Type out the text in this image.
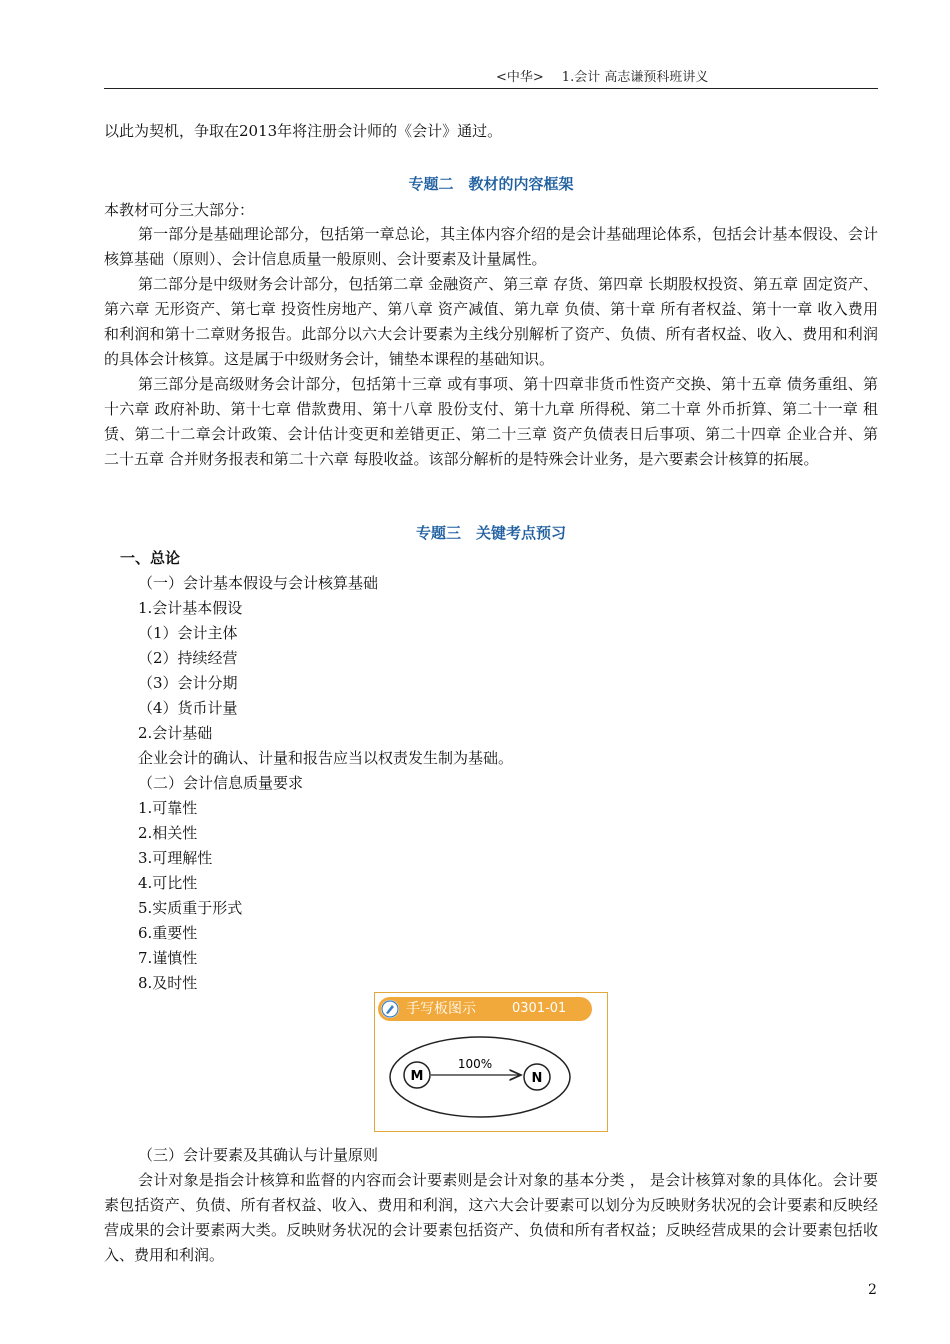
<中华> 1.会计 高志谦预科班讲义
以此为契机，争取在2013年将注册会计师的《会计》通过。
专题二　教材的内容框架
本教材可分三大部分：
第一部分是基础理论部分，包括第一章总论，其主体内容介绍的是会计基础理论体系，包括会计基本假设、会计核算基础（原则）、会计信息质量一般原则、会计要素及计量属性。
第二部分是中级财务会计部分，包括第二章 金融资产、第三章 存货、第四章 长期股权投资、第五章 固定资产、第六章 无形资产、第七章 投资性房地产、第八章 资产减值、第九章 负债、第十章 所有者权益、第十一章 收入费用和利润和第十二章财务报告。此部分以六大会计要素为主线分别解析了资产、负债、所有者权益、收入、费用和利润的具体会计核算。这是属于中级财务会计，铺垫本课程的基础知识。
第三部分是高级财务会计部分，包括第十三章 或有事项、第十四章非货币性资产交换、第十五章 债务重组、第十六章 政府补助、第十七章 借款费用、第十八章 股份支付、第十九章 所得税、第二十章 外币折算、第二十一章 租赁、第二十二章会计政策、会计估计变更和差错更正、第二十三章 资产负债表日后事项、第二十四章 企业合并、第二十五章 合并财务报表和第二十六章 每股收益。该部分解析的是特殊会计业务，是六要素会计核算的拓展。
专题三　关键考点预习
一、总论
（一）会计基本假设与会计核算基础
1.会计基本假设
（1）会计主体
（2）持续经营
（3）会计分期
（4）货币计量
2.会计基础
企业会计的确认、计量和报告应当以权责发生制为基础。
（二）会计信息质量要求
1.可靠性
2.相关性
3.可理解性
4.可比性
5.实质重于形式
6.重要性
7.谨慎性
8.及时性
手写板图示	0301-01
M
100%
N
（三）会计要素及其确认与计量原则
会计对象是指会计核算和监督的内容而会计要素则是会计对象的基本分类 ， 是会计核算对象的具体化。会计要素包括资产、负债、所有者权益、收入、费用和利润，这六大会计要素可以划分为反映财务状况的会计要素和反映经营成果的会计要素两大类。反映财务状况的会计要素包括资产、负债和所有者权益；反映经营成果的会计要素包括收入、费用和利润。
2
